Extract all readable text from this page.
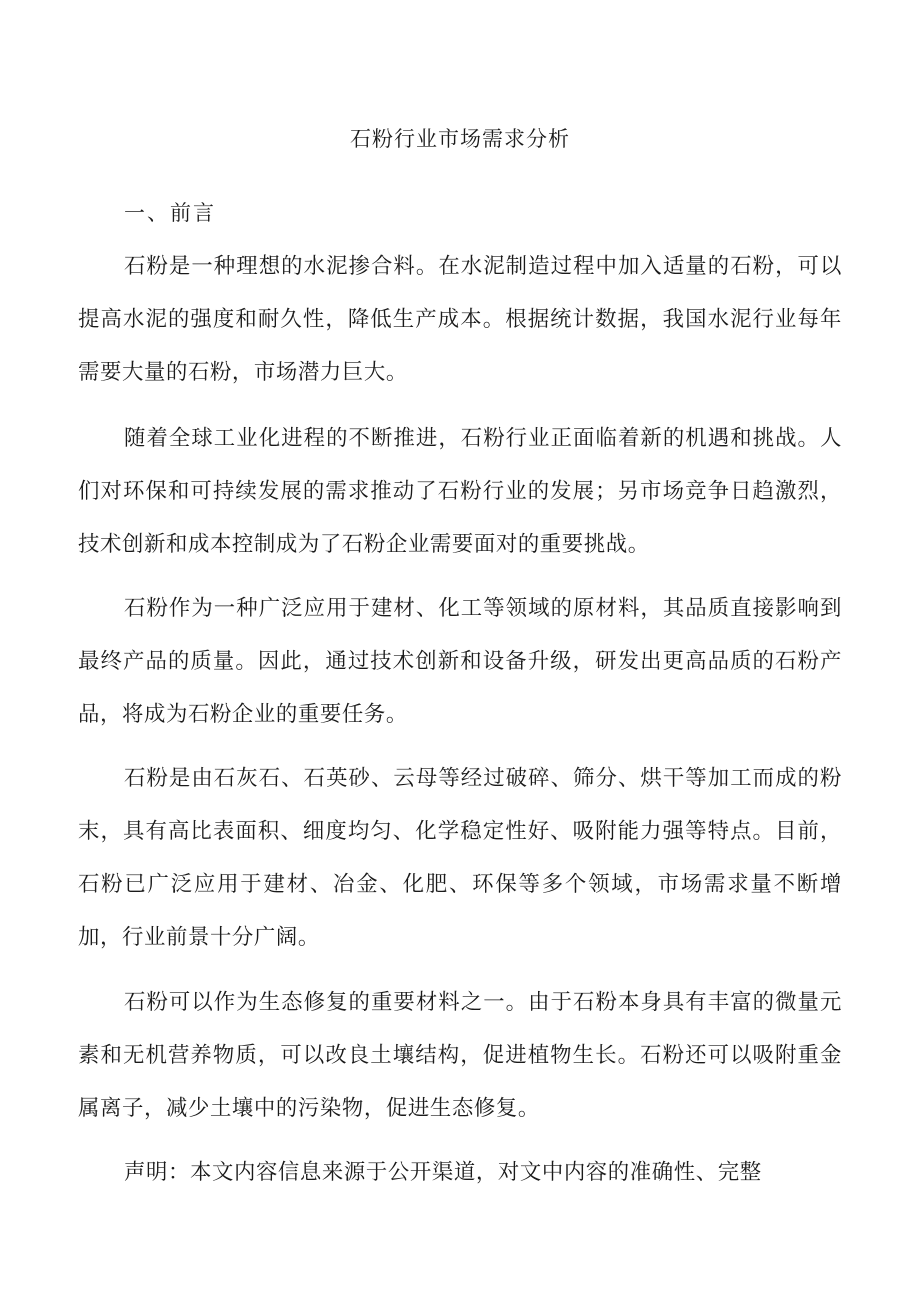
石粉行业市场需求分析
一、前言

石粉是一种理想的水泥掺合料。在水泥制造过程中加入适量的石粉，可以提高水泥的强度和耐久性，降低生产成本。根据统计数据，我国水泥行业每年需要大量的石粉，市场潜力巨大。

随着全球工业化进程的不断推进，石粉行业正面临着新的机遇和挑战。人们对环保和可持续发展的需求推动了石粉行业的发展；另市场竞争日趋激烈，技术创新和成本控制成为了石粉企业需要面对的重要挑战。

石粉作为一种广泛应用于建材、化工等领域的原材料，其品质直接影响到最终产品的质量。因此，通过技术创新和设备升级，研发出更高品质的石粉产品，将成为石粉企业的重要任务。

石粉是由石灰石、石英砂、云母等经过破碎、筛分、烘干等加工而成的粉末，具有高比表面积、细度均匀、化学稳定性好、吸附能力强等特点。目前，石粉已广泛应用于建材、冶金、化肥、环保等多个领域，市场需求量不断增加，行业前景十分广阔。

石粉可以作为生态修复的重要材料之一。由于石粉本身具有丰富的微量元素和无机营养物质，可以改良土壤结构，促进植物生长。石粉还可以吸附重金属离子，减少土壤中的污染物，促进生态修复。

声明：本文内容信息来源于公开渠道，对文中内容的准确性、完整
